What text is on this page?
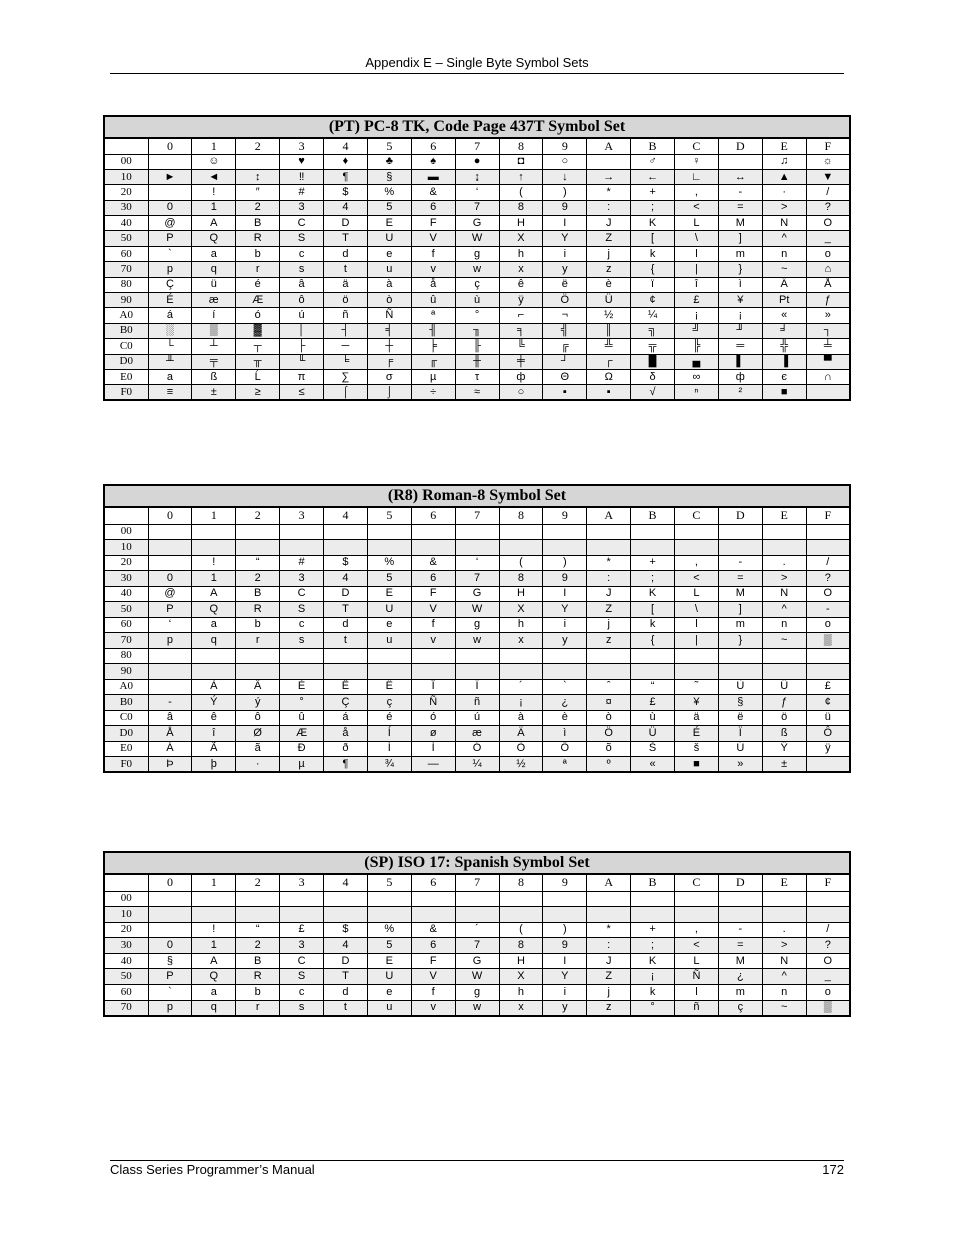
Appendix E – Single Byte Symbol Sets
(PT) PC-8 TK, Code Page 437T Symbol Set																
	0	1	2	3	4	5	6	7	8	9	A	B	C	D	E	F
00		☺		♥	♦	♣	♠	●	◘	○		♂	♀		♫	☼
10	►	◄	↕	‼	¶	§	▬	↨	↑	↓	→	←	∟	↔	▲	▼
20		!	″	#	$	%	&	‘	(	)	*	+	,	-	·	/
30	0	1	2	3	4	5	6	7	8	9	:	;	<	=	>	?
40	@	A	B	C	D	E	F	G	H	I	J	K	L	M	N	O
50	P	Q	R	S	T	U	V	W	X	Y	Z	[	\	]	^	_
60	`	a	b	c	d	e	f	g	h	i	j	k	l	m	n	o
70	p	q	r	s	t	u	v	w	x	y	z	{	|	}	~	⌂
80	Ç	ü	é	â	ä	à	å	ç	ê	ë	è	ï	î	ì	Ä	Å
90	É	æ	Æ	ô	ö	ò	û	ù	ÿ	Ö	Ü	¢	£	¥	Pt	ƒ
A0	á	í	ó	ú	ñ	Ñ	ª	°	⌐	¬	½	¼	¡	¡	«	»
B0	░	▒	▓	│	┤	╡	╢	╖	╕	╣	║	╗	╝	╜	╛	┐
C0	└	┴	┬	├	─	┼	╞	╟	╚	╔	╩	╦	╠	═	╬	╧
D0	╨	╤	╥	╙	╘	╒	╓	╫	╪	┘	┌	█	▄	▌	▐	▀
E0	a	ß	Ĺ	π	∑	σ	µ	τ	ф	Θ	Ω	δ	∞	ф	є	∩
F0	≡	±	≥	≤	⌠	⌡	÷	≈	○	▪	▪	√	ⁿ	²	■	
(R8) Roman-8 Symbol Set																
	0	1	2	3	4	5	6	7	8	9	A	B	C	D	E	F
00																
10																
20		!	“	#	$	%	&	‘	(	)	*	+	,	-	.	/
30	0	1	2	3	4	5	6	7	8	9	:	;	<	=	>	?
40	@	A	B	C	D	E	F	G	H	I	J	K	L	M	N	O
50	P	Q	R	S	T	U	V	W	X	Y	Z	[	\	]	^	-
60	‘	a	b	c	d	e	f	g	h	i	j	k	l	m	n	o
70	p	q	r	s	t	u	v	w	x	y	z	{	|	}	~	▒
80																
90																
A0		À	Â	È	Ê	Ë	Î	Ï	´	`	ˆ	“	˜	Ù	Û	£
B0	-	Ý	ý	°	Ç	ç	Ñ	ñ	¡	¿	¤	£	¥	§	ƒ	¢
C0	â	ê	ô	û	á	é	ó	ú	à	è	ò	ù	ä	ë	ö	ü
D0	Å	î	Ø	Æ	å	Í	ø	æ	Ä	ì	Ö	Ü	É	Ï	ß	Ô
E0	Á	Ã	ã	Ð	ð	Í	Ì	Ó	Ò	Õ	õ	Š	š	Ú	Ÿ	ÿ
F0	Þ	þ	·	µ	¶	¾	—	¼	½	ª	º	«	■	»	±	
(SP) ISO 17: Spanish Symbol Set																
	0	1	2	3	4	5	6	7	8	9	A	B	C	D	E	F
00																
10																
20		!	“	£	$	%	&	´	(	)	*	+	,	-	.	/
30	0	1	2	3	4	5	6	7	8	9	:	;	<	=	>	?
40	§	A	B	C	D	E	F	G	H	I	J	K	L	M	N	O
50	P	Q	R	S	T	U	V	W	X	Y	Z	¡	Ñ	¿	^	_
60	`	a	b	c	d	e	f	g	h	i	j	k	l	m	n	o
70	p	q	r	s	t	u	v	w	x	y	z	°	ñ	ç	~	▒
Class Series Programmer’s Manual	172
